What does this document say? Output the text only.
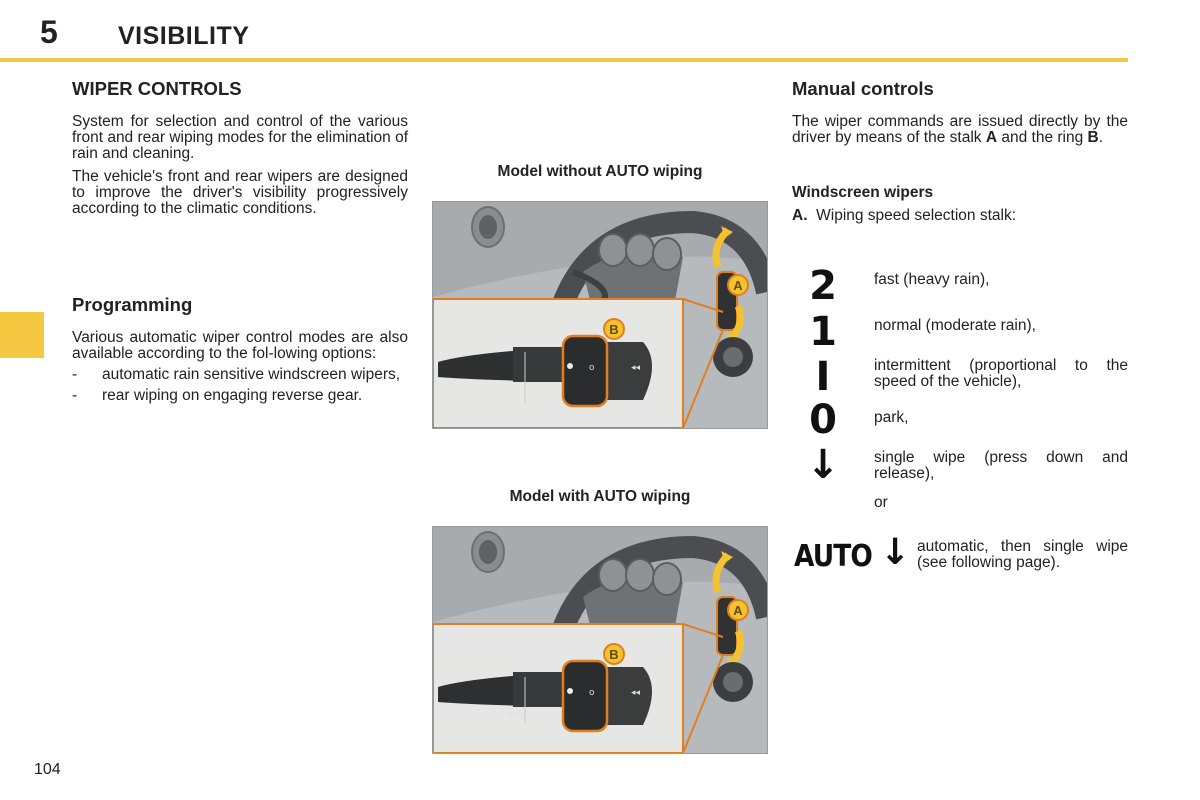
5 VISIBILITY
WIPER CONTROLS

System for selection and control of the various front and rear wiping modes for the elimination of rain and cleaning.

The vehicle's front and rear wipers are designed to improve the driver's visibility progressively according to the climatic conditions.

Programming

Various automatic wiper control modes are also available according to the fol-lowing options:

- automatic rain sensitive windscreen wipers,
- rear wiping on engaging reverse gear.
Model without AUTO wiping
A
o	◂◂
B
Model with AUTO wiping
A
o	◂◂
B
AUTO
Manual controls
The wiper commands are issued directly by the driver by means of the stalk A and the ring B.
Windscreen wipers
A. Wiping speed selection stalk:
2	fast (heavy rain),
1	normal (moderate rain),
I	intermittent (proportional to the speed of the vehicle),
0	park,
↓	single wipe (press down and release),
or
AUTO ↓ automatic, then single wipe (see following page).
104
